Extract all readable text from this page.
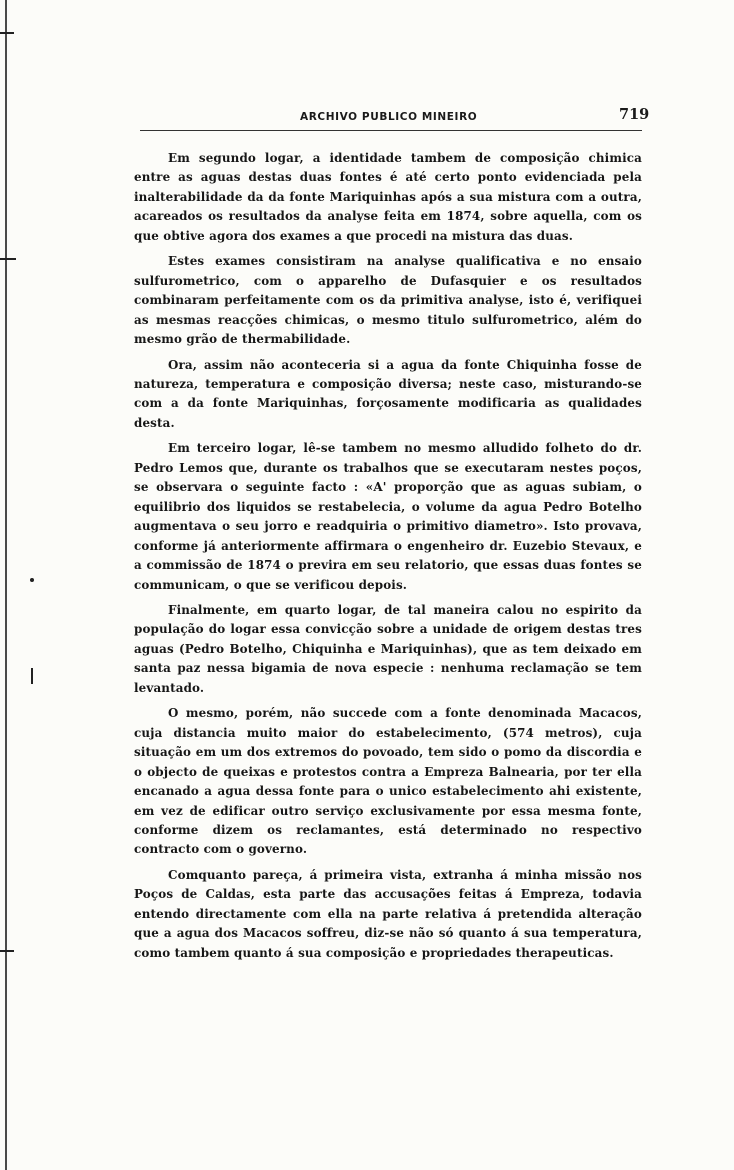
ARCHIVO PUBLICO MINEIRO	719

Em segundo logar, a identidade tambem de composição chimica entre as aguas destas duas fontes é até certo ponto evidenciada pela inalterabilidade da da fonte Mariquinhas após a sua mistura com a outra, acareados os resultados da analyse feita em 1874, sobre aquella, com os que obtive agora dos exames a que procedi na mistura das duas.

Estes exames consistiram na analyse qualificativa e no ensaio sulfurometrico, com o apparelho de Dufasquier e os resultados combinaram perfeitamente com os da primitiva analyse, isto é, verifiquei as mesmas reacções chimicas, o mesmo titulo sulfurometrico, além do mesmo grão de thermabilidade.

Ora, assim não aconteceria si a agua da fonte Chiquinha fosse de natureza, temperatura e composição diversa; neste caso, misturando-se com a da fonte Mariquinhas, forçosamente modificaria as qualidades desta.

Em terceiro logar, lê-se tambem no mesmo alludido folheto do dr. Pedro Lemos que, durante os trabalhos que se executaram nestes poços, se observara o seguinte facto : «A' proporção que as aguas subiam, o equilibrio dos liquidos se restabelecia, o volume da agua Pedro Botelho augmentava o seu jorro e readquiria o primitivo diametro». Isto provava, conforme já anteriormente affirmara o engenheiro dr. Euzebio Stevaux, e a commissão de 1874 o previra em seu relatorio, que essas duas fontes se communicam, o que se verificou depois.

Finalmente, em quarto logar, de tal maneira calou no espirito da população do logar essa convicção sobre a unidade de origem destas tres aguas (Pedro Botelho, Chiquinha e Mariquinhas), que as tem deixado em santa paz nessa bigamia de nova especie : nenhuma reclamação se tem levantado.

O mesmo, porém, não succede com a fonte denominada Macacos, cuja distancia muito maior do estabelecimento, (574 metros), cuja situação em um dos extremos do povoado, tem sido o pomo da discordia e o objecto de queixas e protestos contra a Empreza Balnearia, por ter ella encanado a agua dessa fonte para o unico estabelecimento ahi existente, em vez de edificar outro serviço exclusivamente por essa mesma fonte, conforme dizem os reclamantes, está determinado no respectivo contracto com o governo.

Comquanto pareça, á primeira vista, extranha á minha missão nos Poços de Caldas, esta parte das accusações feitas á Empreza, todavia entendo directamente com ella na parte relativa á pretendida alteração que a agua dos Macacos soffreu, diz-se não só quanto á sua temperatura, como tambem quanto á sua composição e propriedades therapeuticas.
